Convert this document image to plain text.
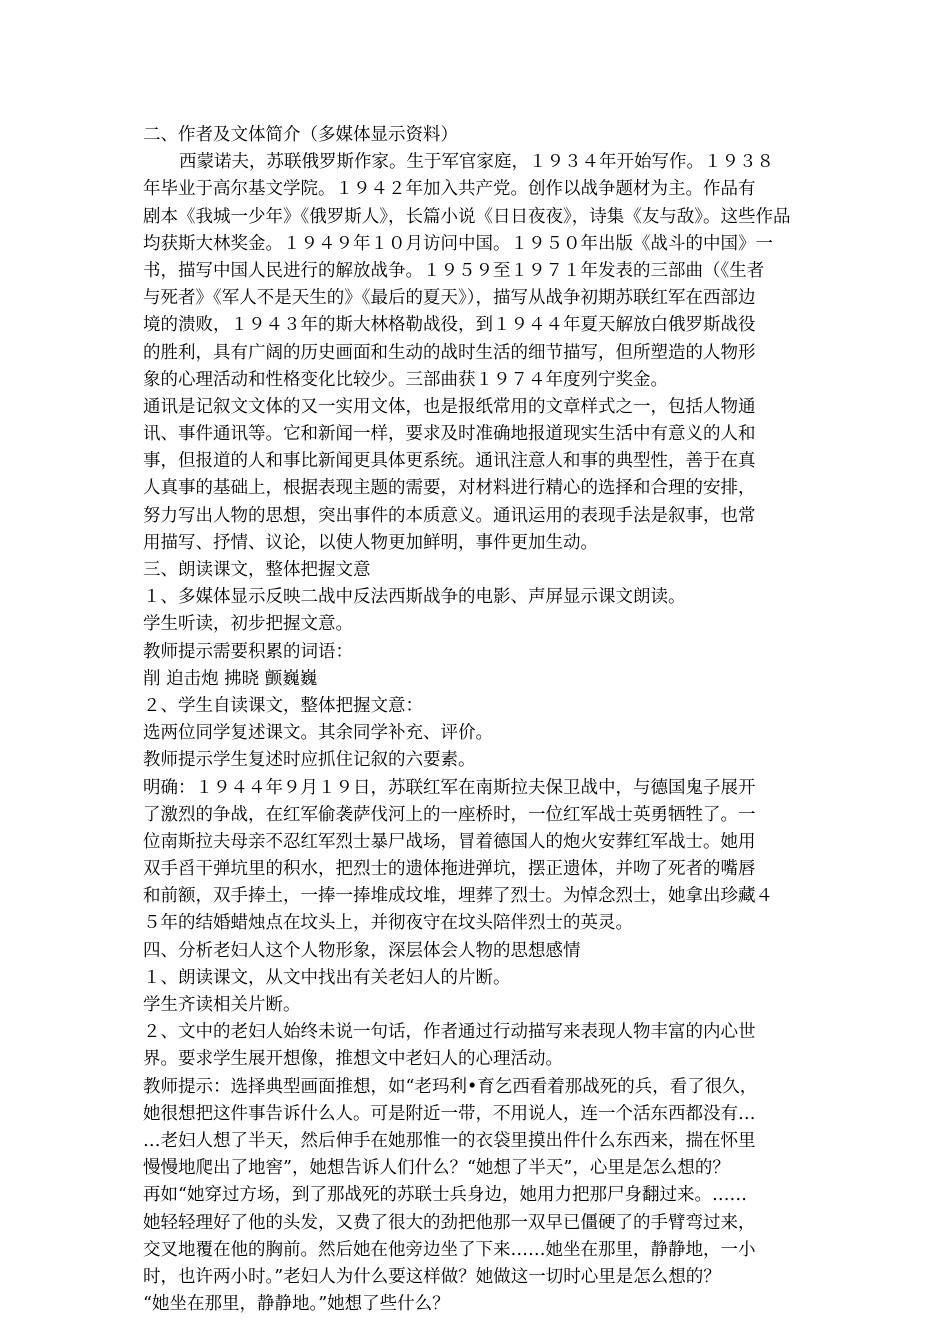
二、作者及文体简介（多媒体显示资料）
西蒙诺夫，苏联俄罗斯作家。生于军官家庭，１９３４年开始写作。１９３８
年毕业于高尔基文学院。１９４２年加入共产党。创作以战争题材为主。作品有
剧本《我城一少年》《俄罗斯人》，长篇小说《日日夜夜》，诗集《友与敌》。这些作品
均获斯大林奖金。１９４９年１０月访问中国。１９５０年出版《战斗的中国》一
书，描写中国人民进行的解放战争。１９５９至１９７１年发表的三部曲（《生者
与死者》《军人不是天生的》《最后的夏天》），描写从战争初期苏联红军在西部边
境的溃败，１９４３年的斯大林格勒战役，到１９４４年夏天解放白俄罗斯战役
的胜利，具有广阔的历史画面和生动的战时生活的细节描写，但所塑造的人物形
象的心理活动和性格变化比较少。三部曲获１９７４年度列宁奖金。
通讯是记叙文文体的又一实用文体，也是报纸常用的文章样式之一，包括人物通
讯、事件通讯等。它和新闻一样，要求及时准确地报道现实生活中有意义的人和
事，但报道的人和事比新闻更具体更系统。通讯注意人和事的典型性，善于在真
人真事的基础上，根据表现主题的需要，对材料进行精心的选择和合理的安排，
努力写出人物的思想，突出事件的本质意义。通讯运用的表现手法是叙事，也常
用描写、抒情、议论，以使人物更加鲜明，事件更加生动。
三、朗读课文，整体把握文意
１、多媒体显示反映二战中反法西斯战争的电影、声屏显示课文朗读。
学生听读，初步把握文意。
教师提示需要积累的词语：
削 迫击炮 拂晓 颤巍巍
２、学生自读课文，整体把握文意：
选两位同学复述课文。其余同学补充、评价。
教师提示学生复述时应抓住记叙的六要素。
明确：１９４４年９月１９日，苏联红军在南斯拉夫保卫战中，与德国鬼子展开
了激烈的争战，在红军偷袭萨伐河上的一座桥时，一位红军战士英勇牺牲了。一
位南斯拉夫母亲不忍红军烈士暴尸战场，冒着德国人的炮火安葬红军战士。她用
双手舀干弹坑里的积水，把烈士的遗体拖进弹坑，摆正遗体，并吻了死者的嘴唇
和前额，双手捧土，一捧一捧堆成坟堆，埋葬了烈士。为悼念烈士，她拿出珍藏４
５年的结婚蜡烛点在坟头上，并彻夜守在坟头陪伴烈士的英灵。
四、分析老妇人这个人物形象，深层体会人物的思想感情
１、朗读课文，从文中找出有关老妇人的片断。
学生齐读相关片断。
２、文中的老妇人始终未说一句话，作者通过行动描写来表现人物丰富的内心世
界。要求学生展开想像，推想文中老妇人的心理活动。
教师提示：选择典型画面推想，如“老玛利•育乞西看着那战死的兵，看了很久，
她很想把这件事告诉什么人。可是附近一带，不用说人，连一个活东西都没有…
…老妇人想了半天，然后伸手在她那惟一的衣袋里摸出件什么东西来，揣在怀里
慢慢地爬出了地窖”，她想告诉人们什么？“她想了半天”，心里是怎么想的？
再如“她穿过方场，到了那战死的苏联士兵身边，她用力把那尸身翻过来。……
她轻轻理好了他的头发，又费了很大的劲把他那一双早已僵硬了的手臂弯过来，
交叉地覆在他的胸前。然后她在他旁边坐了下来……她坐在那里，静静地，一小
时，也许两小时。”老妇人为什么要这样做？她做这一切时心里是怎么想的？
“她坐在那里，静静地。”她想了些什么？
